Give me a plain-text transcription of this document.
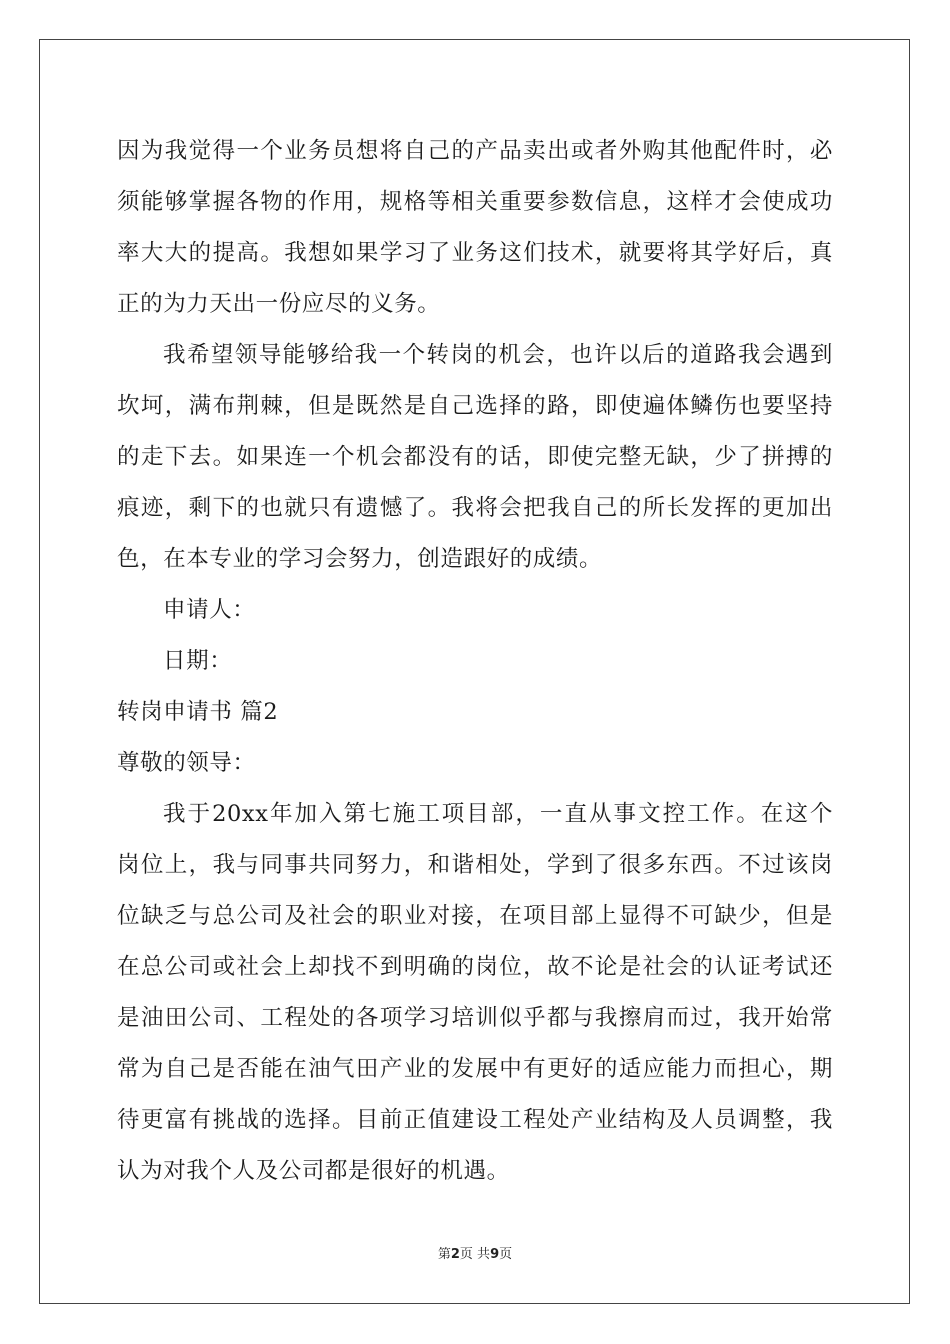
因为我觉得一个业务员想将自己的产品卖出或者外购其他配件时，必
须能够掌握各物的作用，规格等相关重要参数信息，这样才会使成功
率大大的提高。我想如果学习了业务这们技术，就要将其学好后，真
正的为力天出一份应尽的义务。
我希望领导能够给我一个转岗的机会，也许以后的道路我会遇到
坎坷，满布荆棘，但是既然是自己选择的路，即使遍体鳞伤也要坚持
的走下去。如果连一个机会都没有的话，即使完整无缺，少了拼搏的
痕迹，剩下的也就只有遗憾了。我将会把我自己的所长发挥的更加出
色，在本专业的学习会努力，创造跟好的成绩。
申请人：
日期：
转岗申请书 篇2
尊敬的领导：
我于20xx年加入第七施工项目部，一直从事文控工作。在这个
岗位上，我与同事共同努力，和谐相处，学到了很多东西。不过该岗
位缺乏与总公司及社会的职业对接，在项目部上显得不可缺少，但是
在总公司或社会上却找不到明确的岗位，故不论是社会的认证考试还
是油田公司、工程处的各项学习培训似乎都与我擦肩而过，我开始常
常为自己是否能在油气田产业的发展中有更好的适应能力而担心，期
待更富有挑战的选择。目前正值建设工程处产业结构及人员调整，我
认为对我个人及公司都是很好的机遇。
第2页 共9页
